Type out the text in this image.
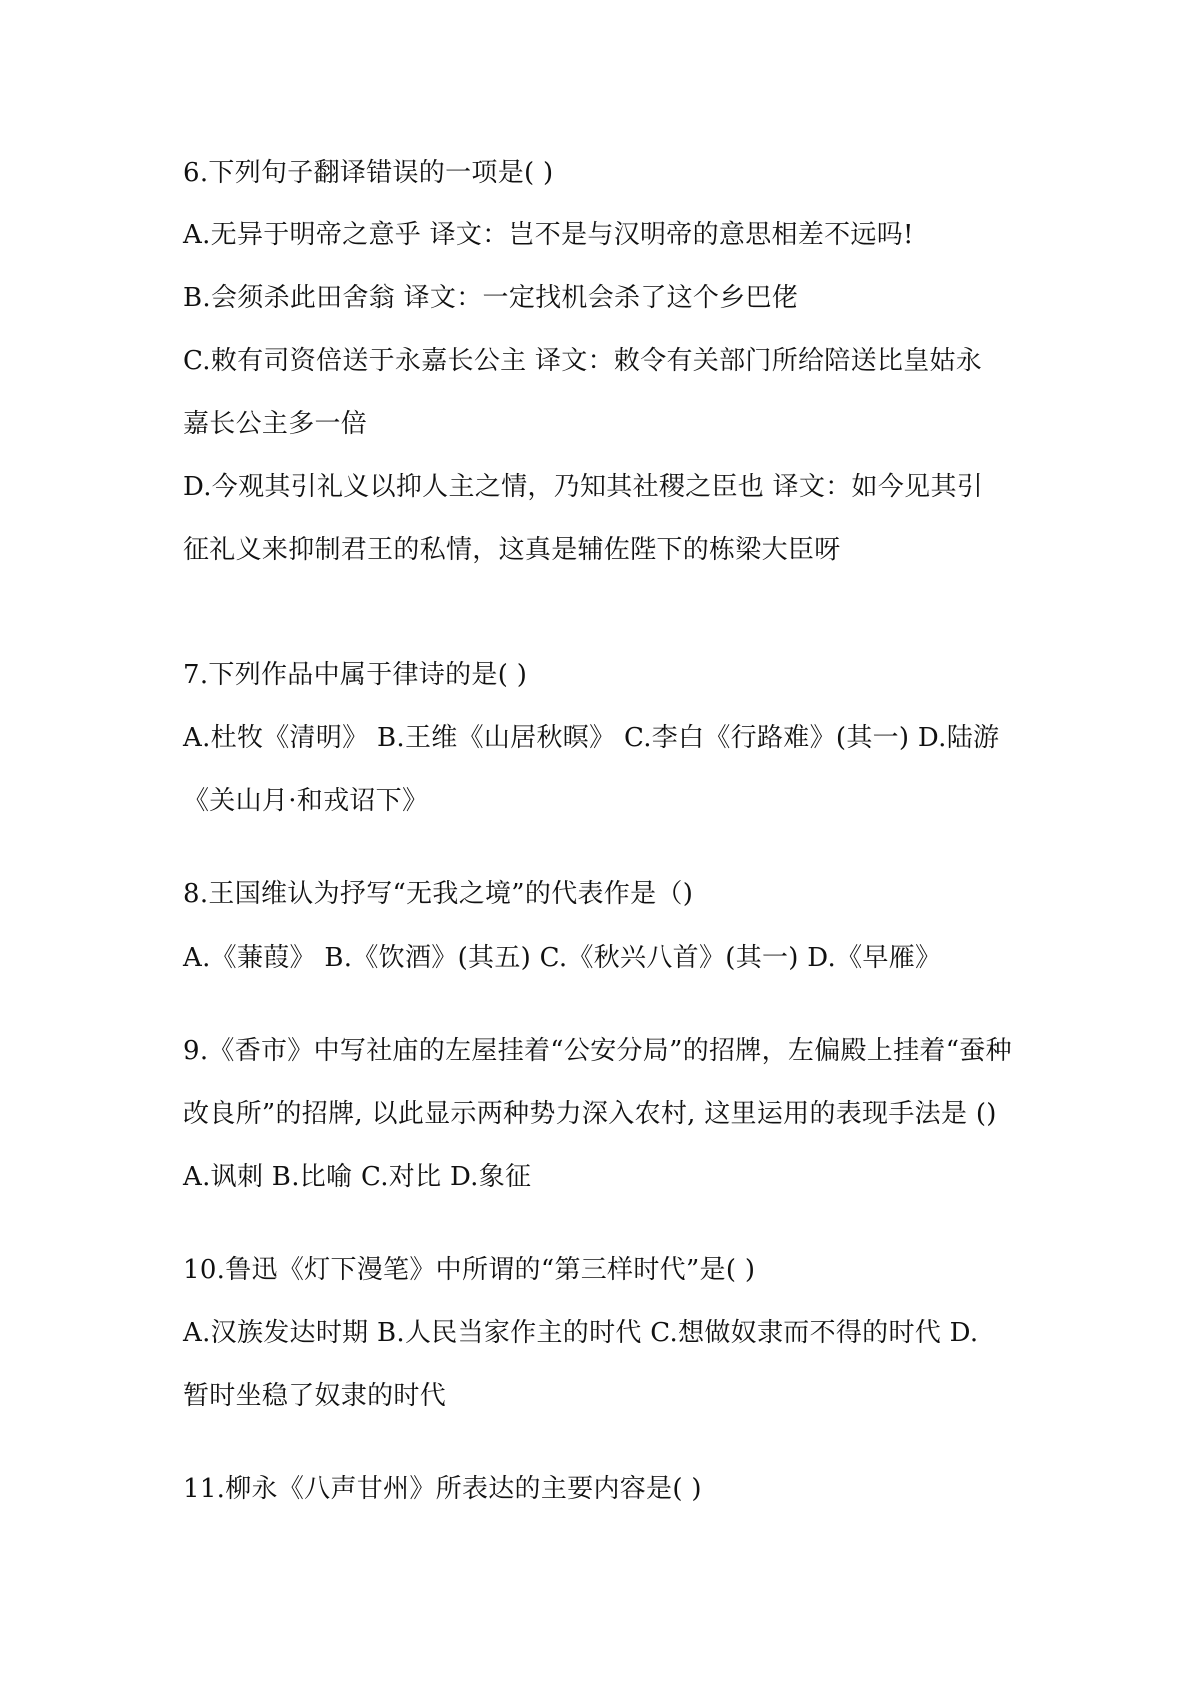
6.下列句子翻译错误的一项是( )
A.无异于明帝之意乎 译文：岂不是与汉明帝的意思相差不远吗!
B.会须杀此田舍翁 译文：一定找机会杀了这个乡巴佬
C.敕有司资倍送于永嘉长公主 译文：敕令有关部门所给陪送比皇姑永
嘉长公主多一倍
D.今观其引礼义以抑人主之情，乃知其社稷之臣也 译文：如今见其引
征礼义来抑制君王的私情，这真是辅佐陛下的栋梁大臣呀
7.下列作品中属于律诗的是( )
A.杜牧《清明》 B.王维《山居秋暝》 C.李白《行路难》(其一) D.陆游
《关山月·和戎诏下》
8.王国维认为抒写“无我之境”的代表作是（)
A.《蒹葭》 B.《饮酒》(其五) C.《秋兴八首》(其一) D.《早雁》
9.《香市》中写社庙的左屋挂着“公安分局”的招牌，左偏殿上挂着“蚕种
改良所”的招牌, 以此显示两种势力深入农村, 这里运用的表现手法是 ()
A.讽刺 B.比喻 C.对比 D.象征
10.鲁迅《灯下漫笔》中所谓的“第三样时代”是( )
A.汉族发达时期 B.人民当家作主的时代 C.想做奴隶而不得的时代 D.
暂时坐稳了奴隶的时代
11.柳永《八声甘州》所表达的主要内容是( )
